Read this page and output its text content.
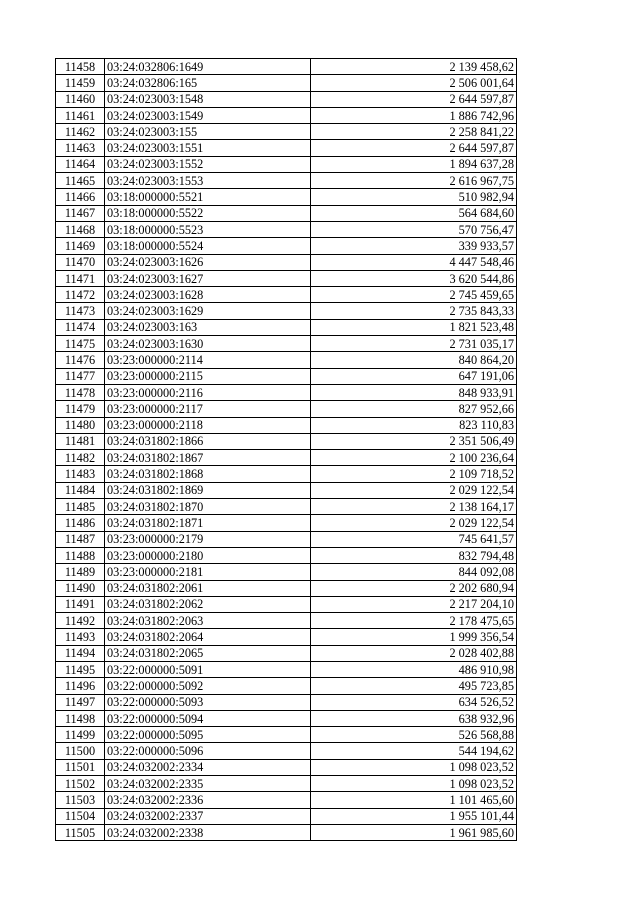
11458	03:24:032806:1649	2 139 458,62
11459	03:24:032806:165	2 506 001,64
11460	03:24:023003:1548	2 644 597,87
11461	03:24:023003:1549	1 886 742,96
11462	03:24:023003:155	2 258 841,22
11463	03:24:023003:1551	2 644 597,87
11464	03:24:023003:1552	1 894 637,28
11465	03:24:023003:1553	2 616 967,75
11466	03:18:000000:5521	510 982,94
11467	03:18:000000:5522	564 684,60
11468	03:18:000000:5523	570 756,47
11469	03:18:000000:5524	339 933,57
11470	03:24:023003:1626	4 447 548,46
11471	03:24:023003:1627	3 620 544,86
11472	03:24:023003:1628	2 745 459,65
11473	03:24:023003:1629	2 735 843,33
11474	03:24:023003:163	1 821 523,48
11475	03:24:023003:1630	2 731 035,17
11476	03:23:000000:2114	840 864,20
11477	03:23:000000:2115	647 191,06
11478	03:23:000000:2116	848 933,91
11479	03:23:000000:2117	827 952,66
11480	03:23:000000:2118	823 110,83
11481	03:24:031802:1866	2 351 506,49
11482	03:24:031802:1867	2 100 236,64
11483	03:24:031802:1868	2 109 718,52
11484	03:24:031802:1869	2 029 122,54
11485	03:24:031802:1870	2 138 164,17
11486	03:24:031802:1871	2 029 122,54
11487	03:23:000000:2179	745 641,57
11488	03:23:000000:2180	832 794,48
11489	03:23:000000:2181	844 092,08
11490	03:24:031802:2061	2 202 680,94
11491	03:24:031802:2062	2 217 204,10
11492	03:24:031802:2063	2 178 475,65
11493	03:24:031802:2064	1 999 356,54
11494	03:24:031802:2065	2 028 402,88
11495	03:22:000000:5091	486 910,98
11496	03:22:000000:5092	495 723,85
11497	03:22:000000:5093	634 526,52
11498	03:22:000000:5094	638 932,96
11499	03:22:000000:5095	526 568,88
11500	03:22:000000:5096	544 194,62
11501	03:24:032002:2334	1 098 023,52
11502	03:24:032002:2335	1 098 023,52
11503	03:24:032002:2336	1 101 465,60
11504	03:24:032002:2337	1 955 101,44
11505	03:24:032002:2338	1 961 985,60
